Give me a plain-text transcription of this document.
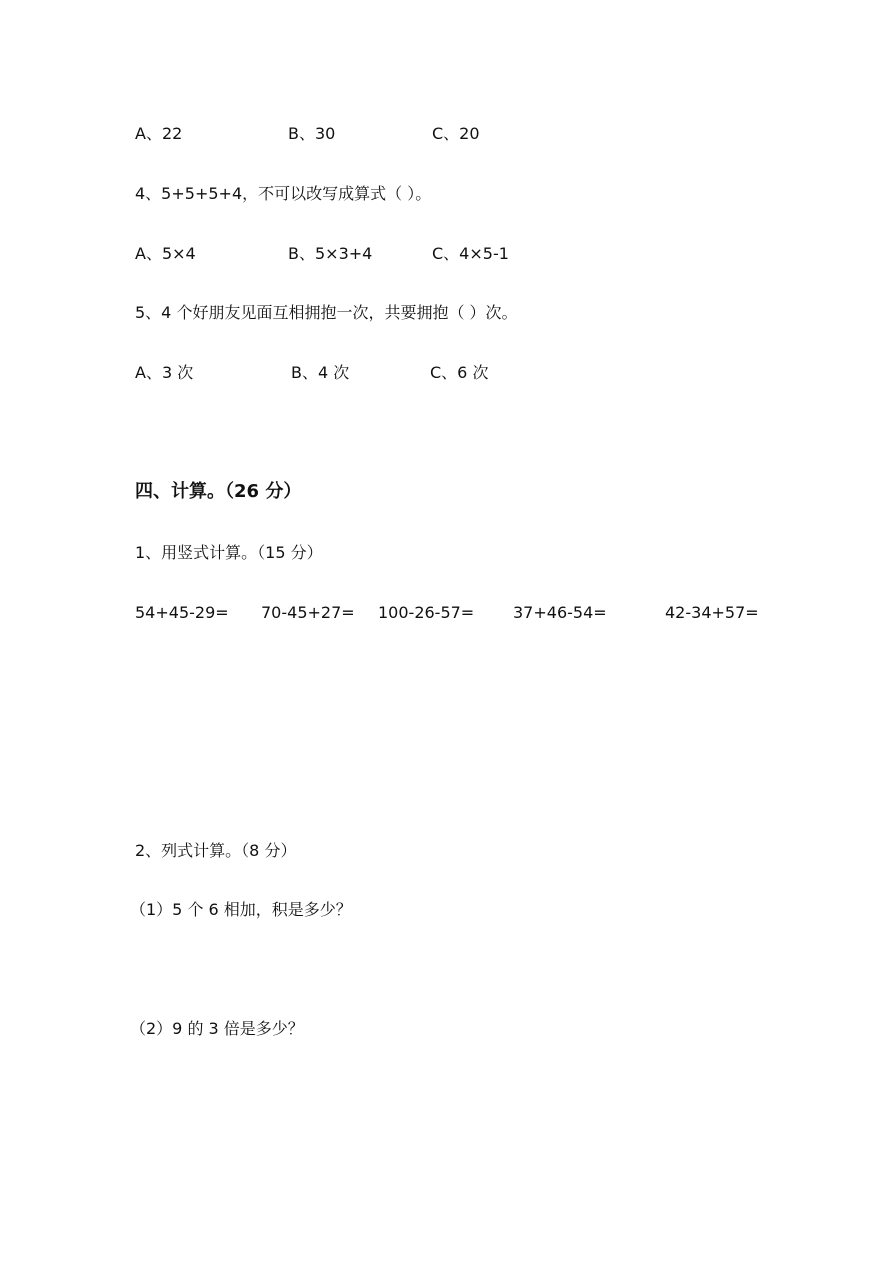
A、22	B、30	C、20
4、5+5+5+4，不可以改写成算式（ ）。
A、5×4	B、5×3+4	C、4×5-1
5、4 个好朋友见面互相拥抱一次，共要拥抱（ ）次。
A、3 次	B、4 次	C、6 次
四、计算。（26 分）
1、用竖式计算。（15 分）
54+45-29= 70-45+27= 100-26-57= 37+46-54=	42-34+57=
2、列式计算。（8 分）
（1）5 个 6 相加，积是多少？
（2）9 的 3 倍是多少？
